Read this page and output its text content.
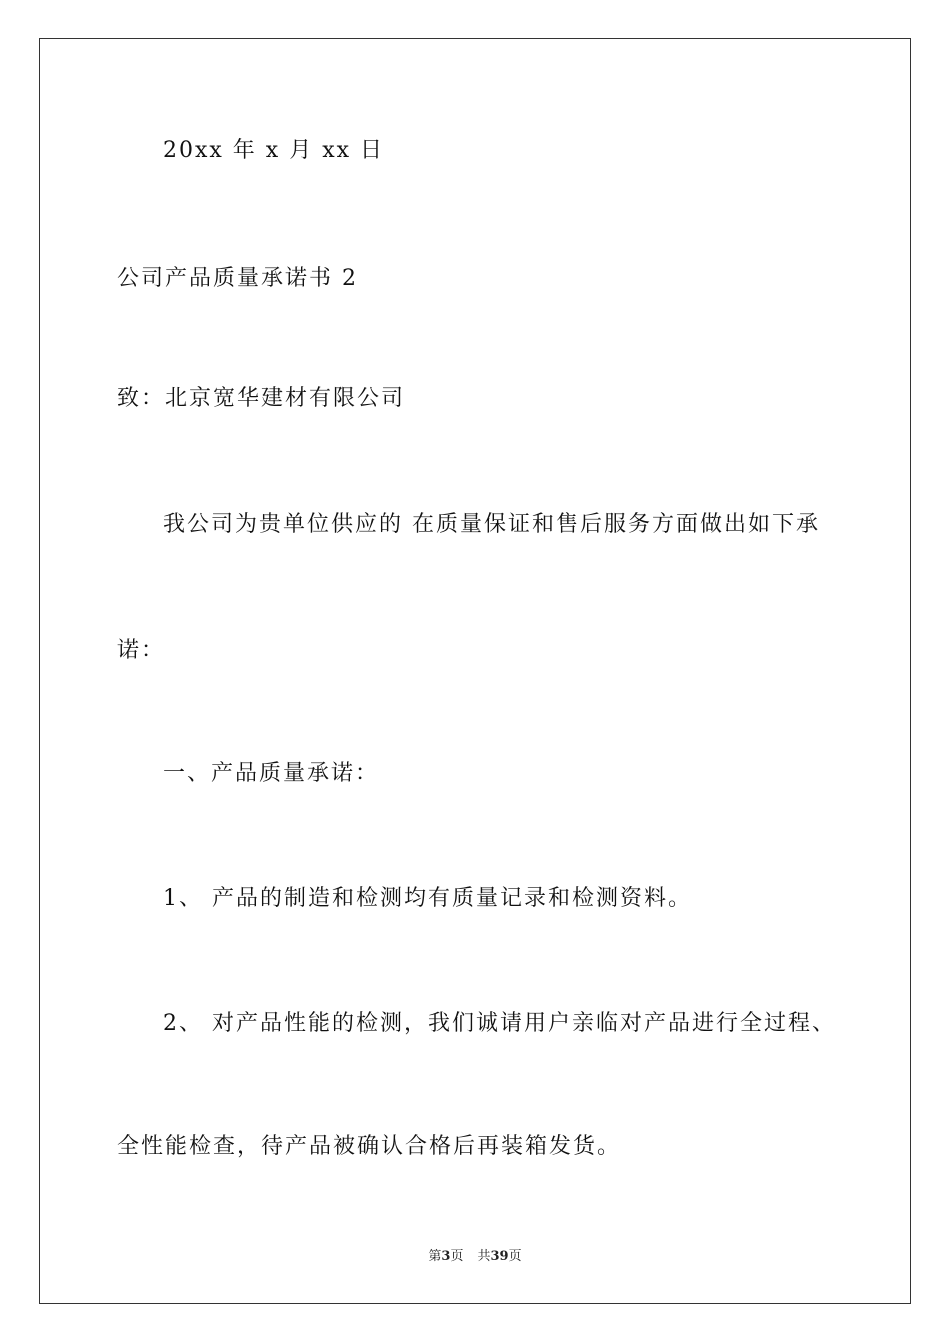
20xx 年 x 月 xx 日
公司产品质量承诺书 2
致：北京宽华建材有限公司
我公司为贵单位供应的 在质量保证和售后服务方面做出如下承
诺：
一、产品质量承诺：
1、 产品的制造和检测均有质量记录和检测资料。
2、 对产品性能的检测，我们诚请用户亲临对产品进行全过程、
全性能检查，待产品被确认合格后再装箱发货。
第3页 共39页
